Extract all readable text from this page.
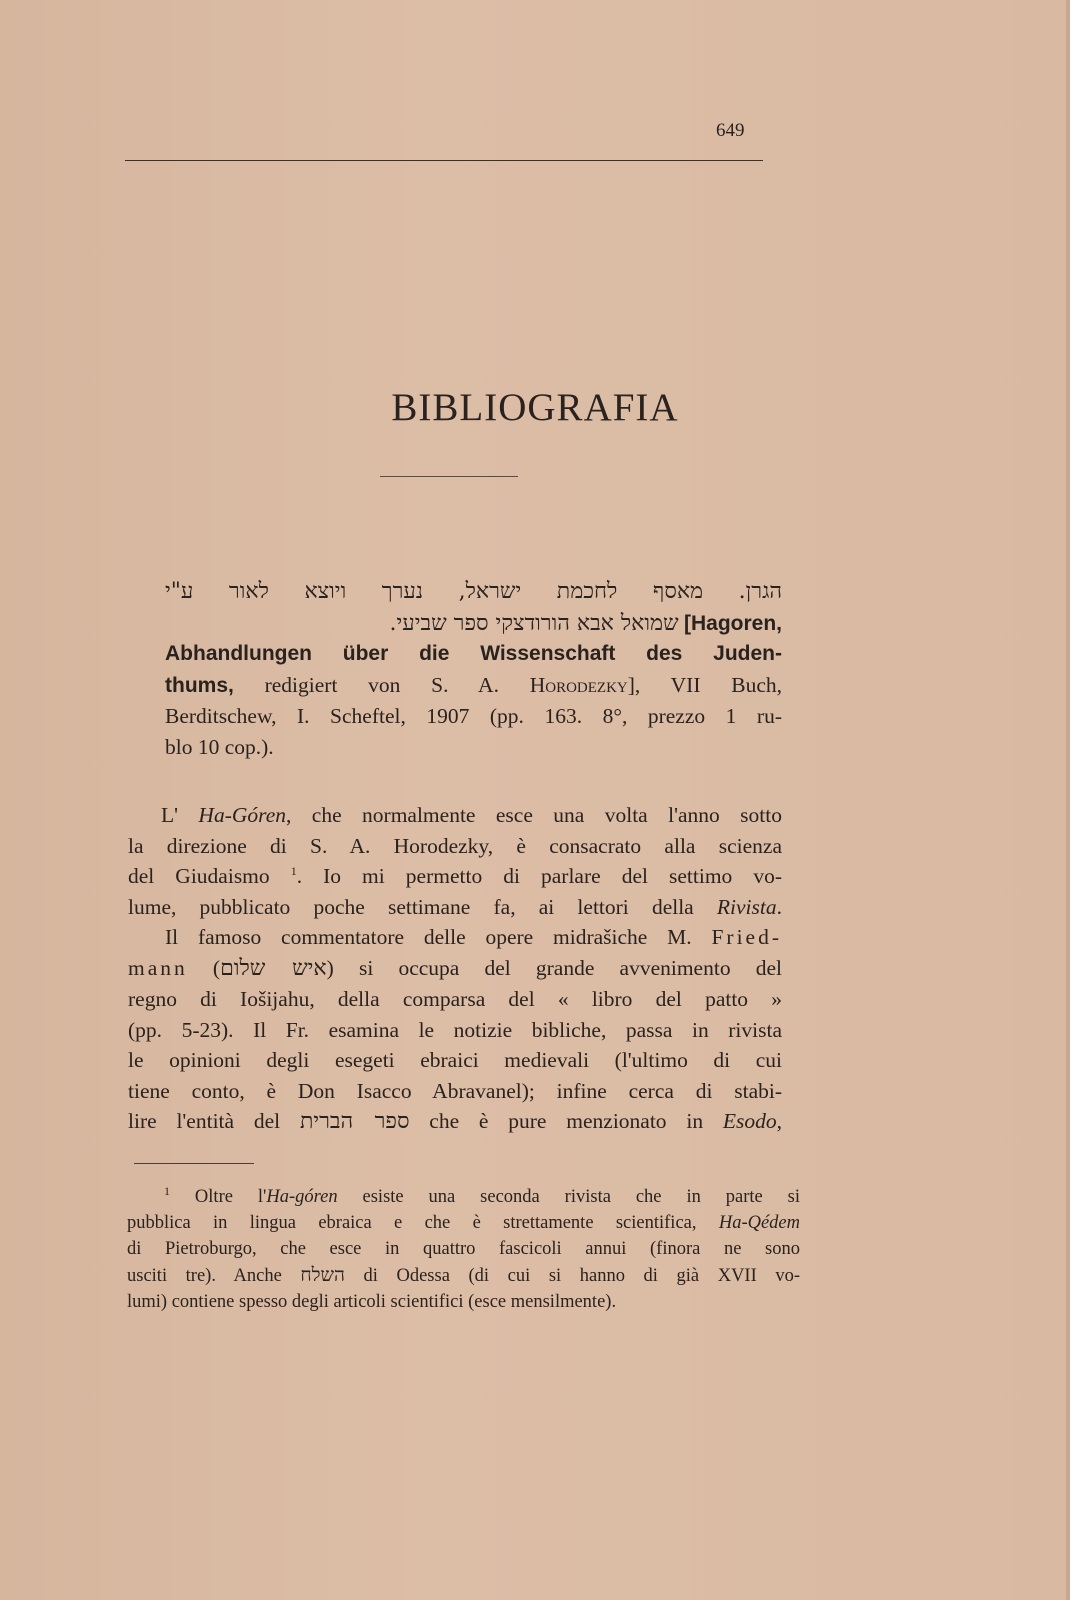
649
BIBLIOGRAFIA
הגרן. מאסף לחכמת ישראל, נערך ויוצא לאור ע"י
שמואל אבא הורודצקי ספר שביעי. [Hagoren,
Abhandlungen über die Wissenschaft des Juden-
thums, redigiert von S. A. Horodezky], VII Buch,
Berditschew, I. Scheftel, 1907 (pp. 163. 8°, prezzo 1 ru-
blo 10 cop.).
L' Ha-Góren, che normalmente esce una volta l'anno sotto
la direzione di S. A. Horodezky, è consacrato alla scienza
del Giudaismo $^1$. Io mi permetto di parlare del settimo vo-
lume, pubblicato poche settimane fa, ai lettori della Rivista.
Il famoso commentatore delle opere midrašiche M. Fried-
mann (איש שלום) si occupa del grande avvenimento del
regno di Iošijahu, della comparsa del « libro del patto »
(pp. 5-23). Il Fr. esamina le notizie bibliche, passa in rivista
le opinioni degli esegeti ebraici medievali (l'ultimo di cui
tiene conto, è Don Isacco Abravanel); infine cerca di stabi-
lire l'entità del ספר הברית che è pure menzionato in Esodo,
$^1$ Oltre l'Ha-góren esiste una seconda rivista che in parte si
pubblica in lingua ebraica e che è strettamente scientifica, Ha-Qédem
di Pietroburgo, che esce in quattro fascicoli annui (finora ne sono
usciti tre). Anche השלח di Odessa (di cui si hanno di già XVII vo-
lumi) contiene spesso degli articoli scientifici (esce mensilmente).
